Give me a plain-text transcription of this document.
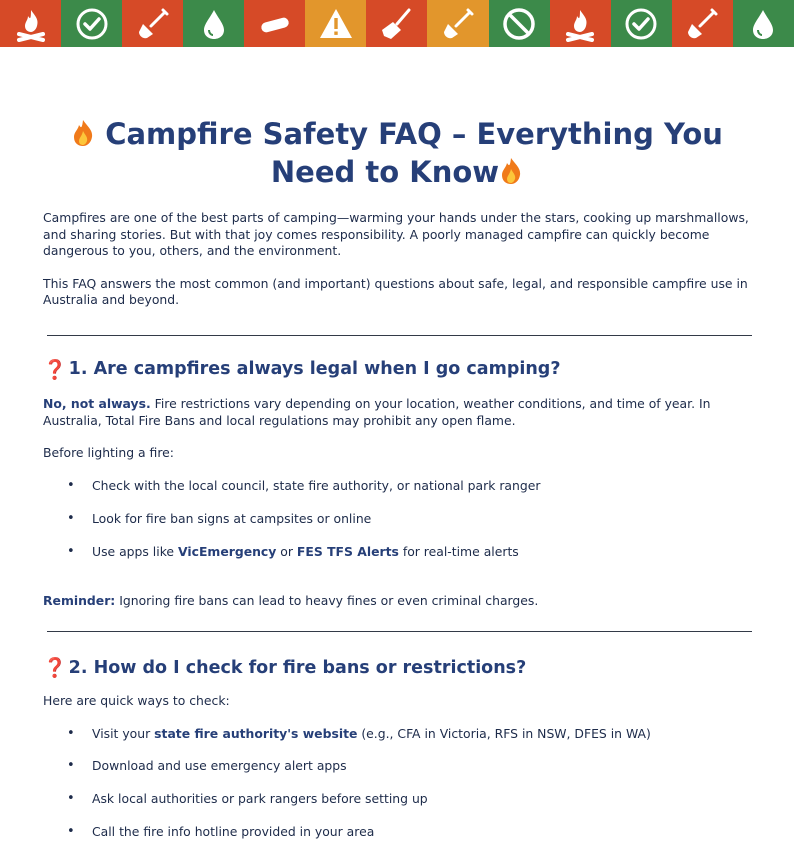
Campfire Safety FAQ – Everything You Need to Know

Campfires are one of the best parts of camping—warming your hands under the stars, cooking up marshmallows, and sharing stories. But with that joy comes responsibility. A poorly managed campfire can quickly become dangerous to you, others, and the environment.

This FAQ answers the most common (and important) questions about safe, legal, and responsible campfire use in Australia and beyond.

❓ 1. Are campfires always legal when I go camping?

No, not always. Fire restrictions vary depending on your location, weather conditions, and time of year. In Australia, Total Fire Bans and local regulations may prohibit any open flame.

Before lighting a fire:

• Check with the local council, state fire authority, or national park ranger
• Look for fire ban signs at campsites or online
• Use apps like VicEmergency or FES TFS Alerts for real-time alerts

Reminder: Ignoring fire bans can lead to heavy fines or even criminal charges.

❓ 2. How do I check for fire bans or restrictions?

Here are quick ways to check:

• Visit your state fire authority's website (e.g., CFA in Victoria, RFS in NSW, DFES in WA)
• Download and use emergency alert apps
• Ask local authorities or park rangers before setting up
• Call the fire info hotline provided in your area
